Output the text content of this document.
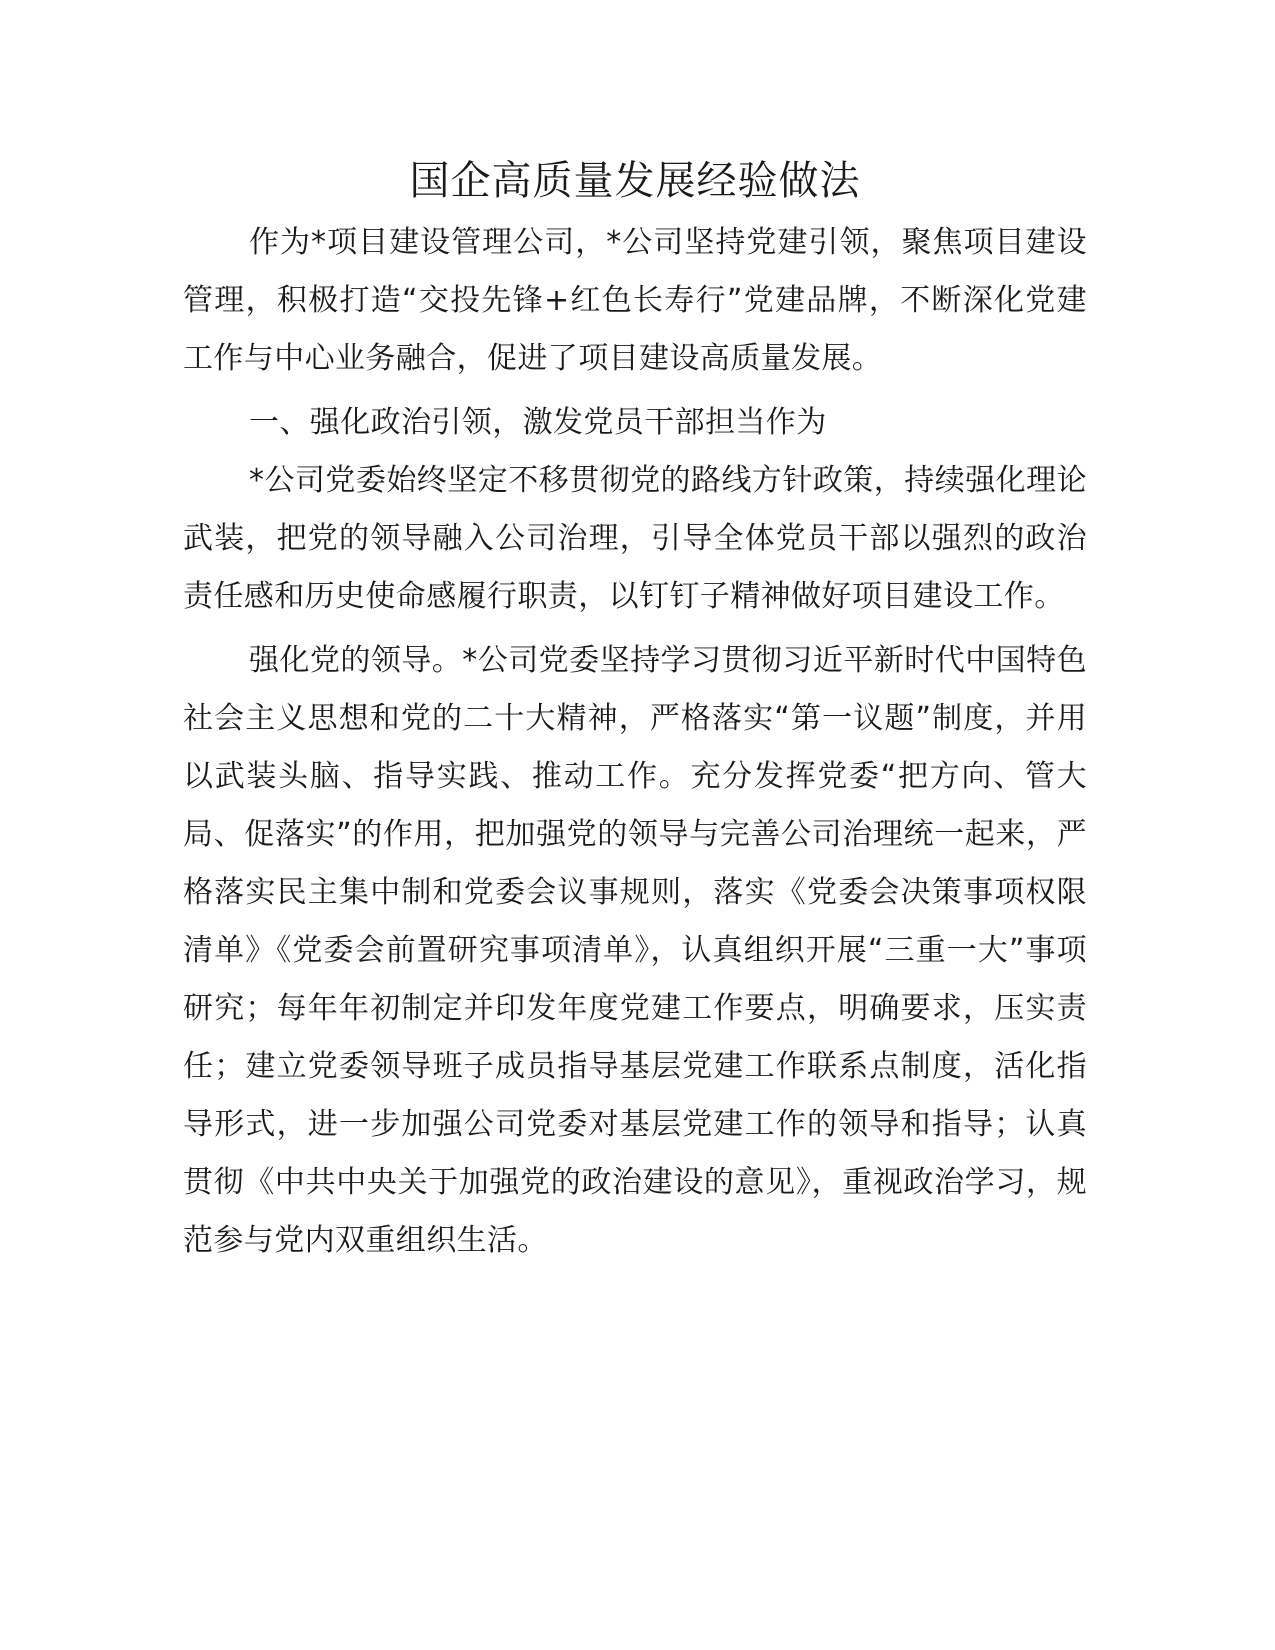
国企高质量发展经验做法

作为*项目建设管理公司，*公司坚持党建引领，聚焦项目建设管理，积极打造“交投先锋+红色长寿行”党建品牌，不断深化党建工作与中心业务融合，促进了项目建设高质量发展。

一、强化政治引领，激发党员干部担当作为

*公司党委始终坚定不移贯彻党的路线方针政策，持续强化理论武装，把党的领导融入公司治理，引导全体党员干部以强烈的政治责任感和历史使命感履行职责，以钉钉子精神做好项目建设工作。

强化党的领导。*公司党委坚持学习贯彻习近平新时代中国特色社会主义思想和党的二十大精神，严格落实“第一议题”制度，并用以武装头脑、指导实践、推动工作。充分发挥党委“把方向、管大局、促落实”的作用，把加强党的领导与完善公司治理统一起来，严格落实民主集中制和党委会议事规则，落实《党委会决策事项权限清单》《党委会前置研究事项清单》，认真组织开展“三重一大”事项研究；每年年初制定并印发年度党建工作要点，明确要求，压实责任；建立党委领导班子成员指导基层党建工作联系点制度，活化指导形式，进一步加强公司党委对基层党建工作的领导和指导；认真贯彻《中共中央关于加强党的政治建设的意见》，重视政治学习，规范参与党内双重组织生活。
